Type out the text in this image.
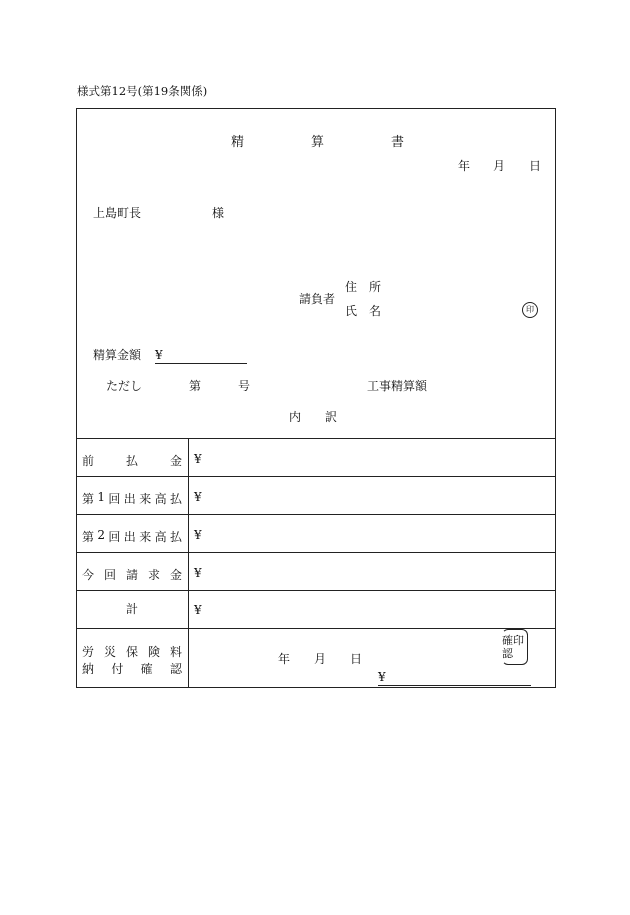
様式第12号(第19条関係)
精	算	書
年 月 日
上島町長	様
請負者
住　所
氏　名	印
精算金額 ¥
ただし	第	号	工事精算額
内　　訳
前	払	金 ¥
第 1 回 出 来 高 払 ¥
第 2 回 出 来 高 払 ¥
今 回 請 求 金 ¥
計	¥
労 災 保 険 料
納 付 確 認
年 月 日
¥
確印
認
